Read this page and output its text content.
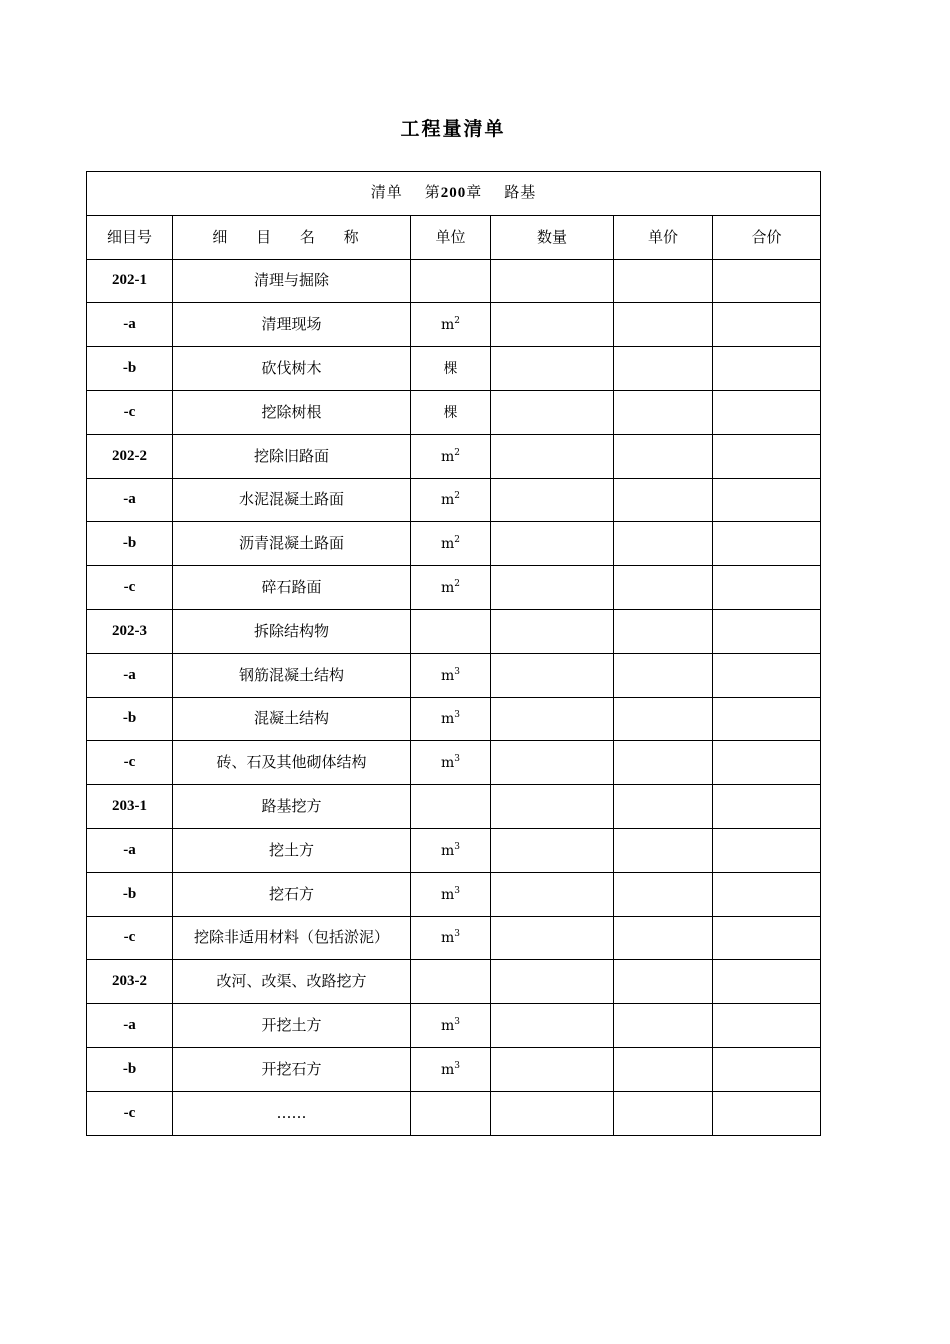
工程量清单
清单 第200章 路基					
细目号	细 目 名 称	单位	数量	单价	合价
202-1	清理与掘除				
-a	清理现场	$m^2$			
-b	砍伐树木	棵			
-c	挖除树根	棵			
202-2	挖除旧路面	$m^2$			
-a	水泥混凝土路面	$m^2$			
-b	沥青混凝土路面	$m^2$			
-c	碎石路面	$m^2$			
202-3	拆除结构物				
-a	钢筋混凝土结构	$m^3$			
-b	混凝土结构	$m^3$			
-c	砖、石及其他砌体结构	$m^3$			
203-1	路基挖方				
-a	挖土方	$m^3$			
-b	挖石方	$m^3$			
-c	挖除非适用材料（包括淤泥）	$m^3$			
203-2	改河、改渠、改路挖方				
-a	开挖土方	$m^3$			
-b	开挖石方	$m^3$			
-c	……				
